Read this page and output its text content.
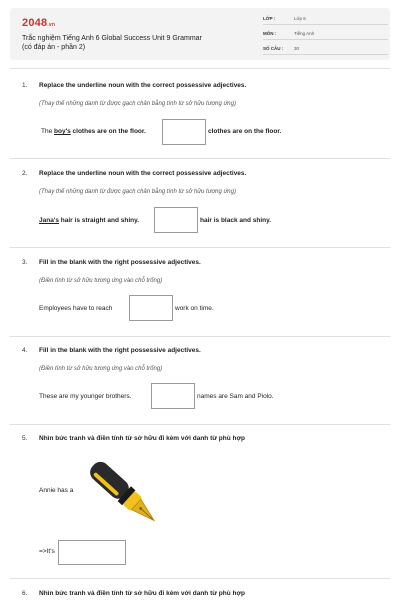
2048.vn
Trắc nghiệm Tiếng Anh 6 Global Success Unit 9 Grammar
(có đáp án - phần 2)
LỚP :	Lớp 6
MÔN :	Tiếng Anh
SỐ CÂU : 30
1. Replace the underline noun with the correct possessive adjectives.
(Thay thế những danh từ được gạch chân bằng tính từ sở hữu tương ứng)
The boy's clothes are on the floor.	clothes are on the floor.
2. Replace the underline noun with the correct possessive adjectives.
(Thay thế những danh từ được gạch chân bằng tính từ sở hữu tương ứng)
Jana's hair is straight and shiny.	hair is black and shiny.
3. Fill in the blank with the right possessive adjectives.
(Điền tính từ sở hữu tương ứng vào chỗ trống)
Employees have to reach	work on time.
4. Fill in the blank with the right possessive adjectives.
(Điền tính từ sở hữu tương ứng vào chỗ trống)
These are my younger brothers.	names are Sam and Piolo.
5. Nhìn bức tranh và điền tính từ sở hữu đi kèm với danh từ phù hợp
Annie has a
=>It's
6. Nhìn bức tranh và điền tính từ sở hữu đi kèm với danh từ phù hợp
